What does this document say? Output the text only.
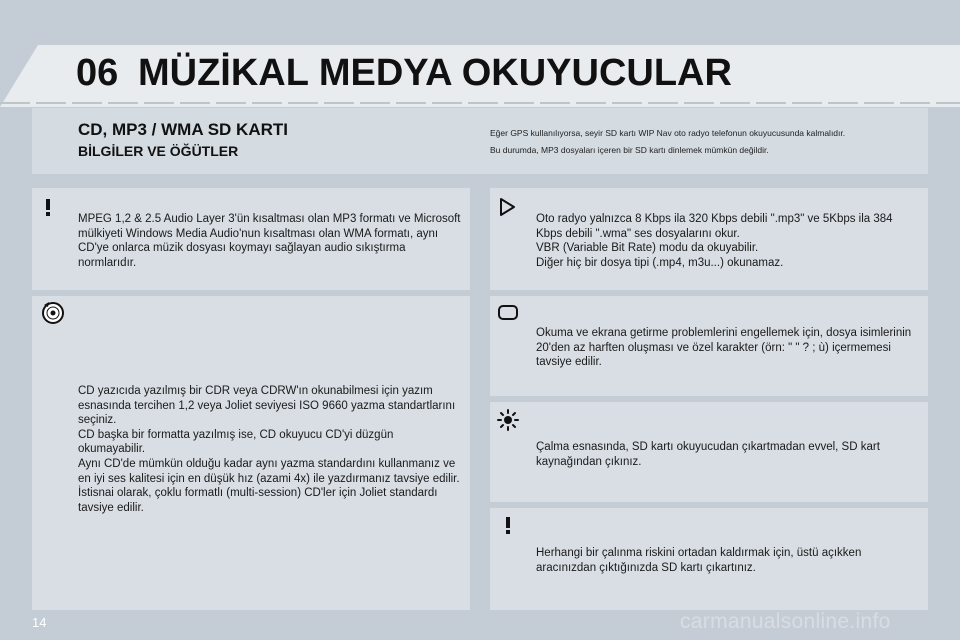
06 MÜZİKAL MEDYA OKUYUCULAR
CD, MP3 / WMA SD KARTI
BİLGİLER VE ÖĞÜTLER
Eğer GPS kullanılıyorsa, seyir SD kartı WIP Nav oto radyo telefonun okuyucusunda kalmalıdır.
Bu durumda, MP3 dosyaları içeren bir SD kartı dinlemek mümkün değildir.
MPEG 1,2 & 2.5 Audio Layer 3'ün kısaltması olan MP3 formatı ve Microsoft mülkiyeti Windows Media Audio'nun kısaltması olan WMA formatı, aynı CD'ye onlarca müzik dosyası koymayı sağlayan audio sıkıştırma normlarıdır.
CD yazıcıda yazılmış bir CDR veya CDRW'ın okunabilmesi için yazım esnasında tercihen 1,2 veya Joliet seviyesi ISO 9660 yazma standartlarını seçiniz.
CD başka bir formatta yazılmış ise, CD okuyucu CD'yi düzgün okumayabilir.
Aynı CD'de mümkün olduğu kadar aynı yazma standardını kullanmanız ve en iyi ses kalitesi için en düşük hız (azami 4x) ile yazdırmanız tavsiye edilir.
İstisnai olarak, çoklu formatlı (multi-session) CD'ler için Joliet standardı tavsiye edilir.
Oto radyo yalnızca 8 Kbps ila 320 Kbps debili ".mp3" ve 5Kbps ila 384 Kbps debili ".wma" ses dosyalarını okur.
VBR (Variable Bit Rate) modu da okuyabilir.
Diğer hiç bir dosya tipi (.mp4, m3u...) okunamaz.
Okuma ve ekrana getirme problemlerini engellemek için, dosya isimlerinin 20'den az harften oluşması ve özel karakter (örn: " " ? ; ù) içermemesi tavsiye edilir.
Çalma esnasında, SD kartı okuyucudan çıkartmadan evvel, SD kart kaynağından çıkınız.
Herhangi bir çalınma riskini ortadan kaldırmak için, üstü açıkken aracınızdan çıktığınızda SD kartı çıkartınız.
14	carmanualsonline.info
